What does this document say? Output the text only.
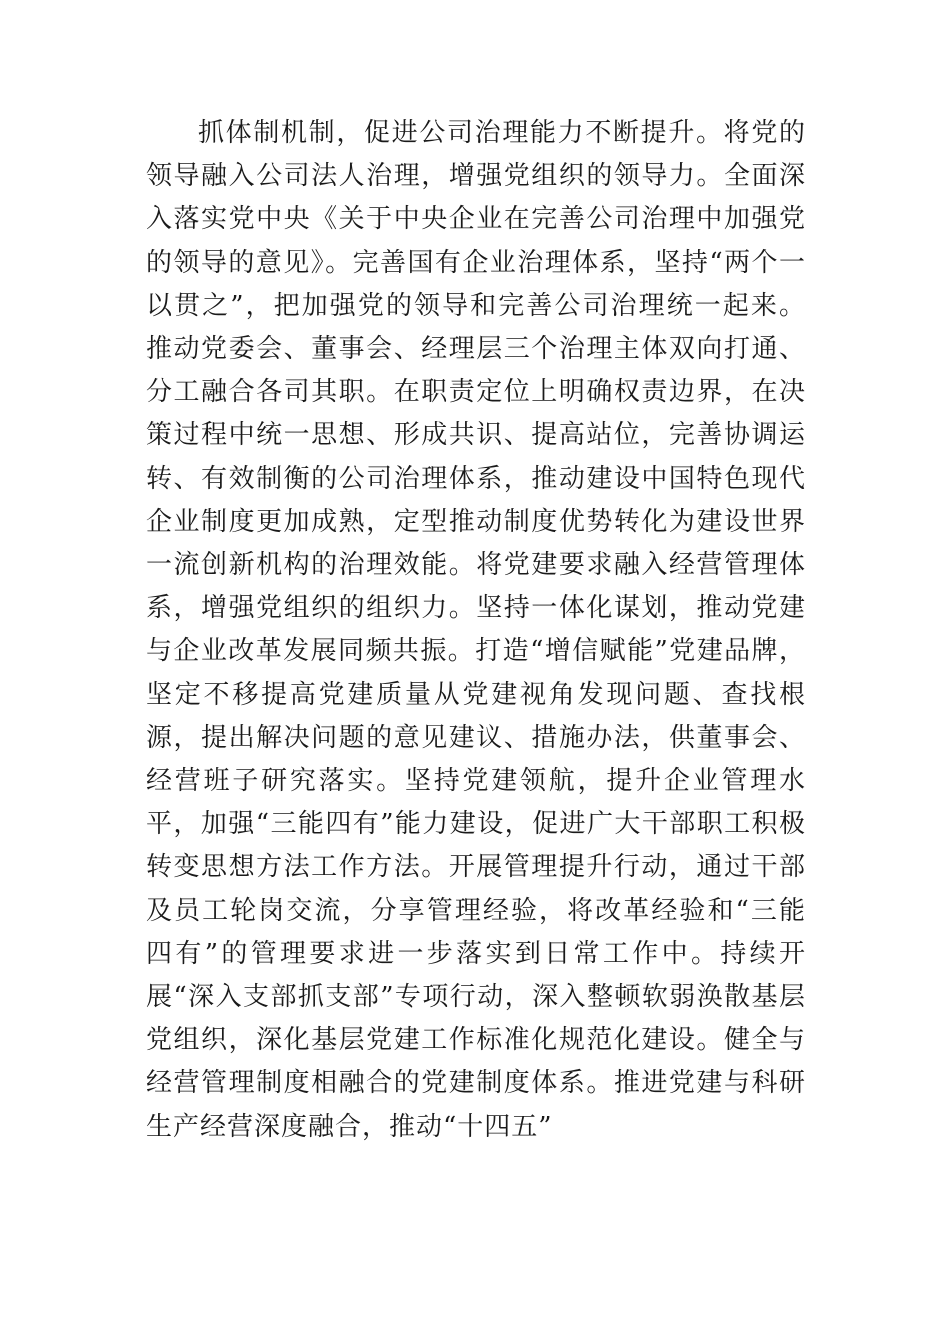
抓体制机制，促进公司治理能力不断提升。将党的领导融入公司法人治理，增强党组织的领导力。全面深入落实党中央《关于中央企业在完善公司治理中加强党的领导的意见》。完善国有企业治理体系，坚持“两个一以贯之”，把加强党的领导和完善公司治理统一起来。推动党委会、董事会、经理层三个治理主体双向打通、分工融合各司其职。在职责定位上明确权责边界，在决策过程中统一思想、形成共识、提高站位，完善协调运转、有效制衡的公司治理体系，推动建设中国特色现代企业制度更加成熟，定型推动制度优势转化为建设世界一流创新机构的治理效能。将党建要求融入经营管理体系，增强党组织的组织力。坚持一体化谋划，推动党建与企业改革发展同频共振。打造“增信赋能”党建品牌，坚定不移提高党建质量从党建视角发现问题、查找根源，提出解决问题的意见建议、措施办法，供董事会、经营班子研究落实。坚持党建领航，提升企业管理水平，加强“三能四有”能力建设，促进广大干部职工积极转变思想方法工作方法。开展管理提升行动，通过干部及员工轮岗交流，分享管理经验，将改革经验和“三能四有”的管理要求进一步落实到日常工作中。持续开展“深入支部抓支部”专项行动，深入整顿软弱涣散基层党组织，深化基层党建工作标准化规范化建设。健全与经营管理制度相融合的党建制度体系。推进党建与科研生产经营深度融合，推动“十四五”
